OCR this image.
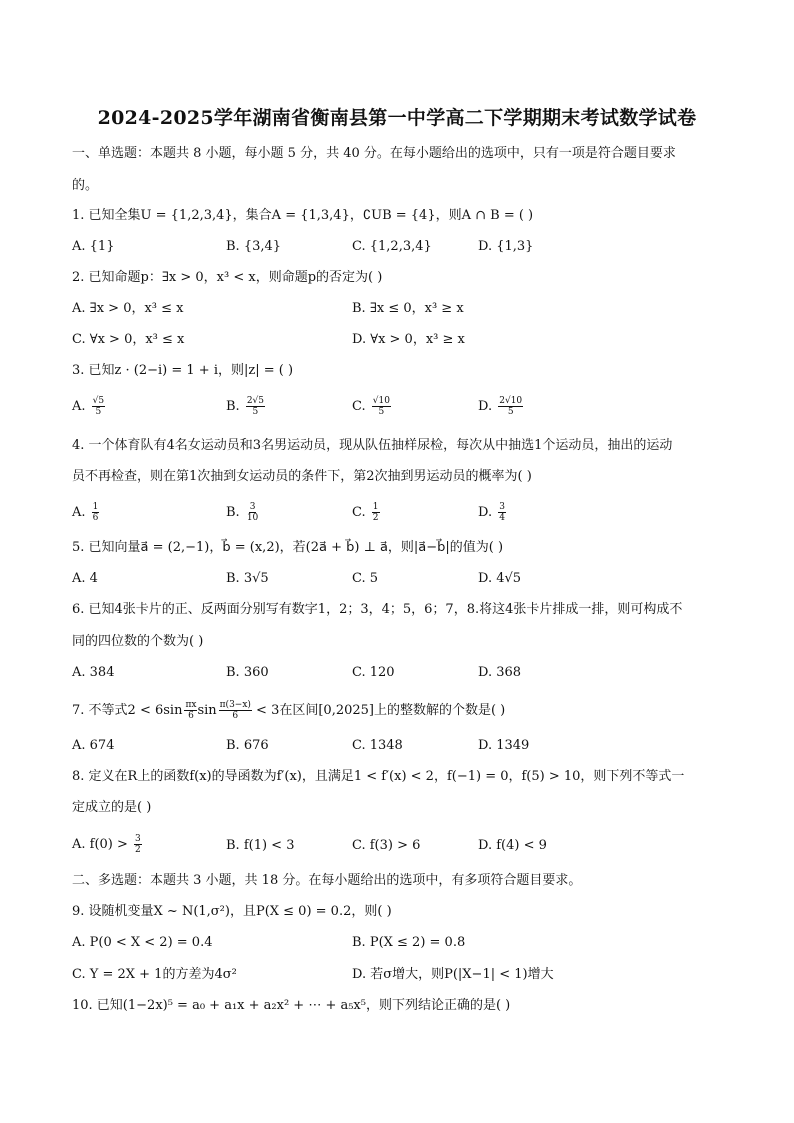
2024-2025学年湖南省衡南县第一中学高二下学期期末考试数学试卷
一、单选题：本题共 8 小题，每小题 5 分，共 40 分。在每小题给出的选项中，只有一项是符合题目要求
的。
1. 已知全集U = {1,2,3,4}，集合A = {1,3,4}，∁UB = {4}，则A ∩ B = ( )
A. {1}	B. {3,4}	C. {1,2,3,4}	D. {1,3}
2. 已知命题p：∃x > 0，x³ < x，则命题p的否定为( )
A. ∃x > 0，x³ ≤ x	B. ∃x ≤ 0，x³ ≥ x
C. ∀x > 0，x³ ≤ x	D. ∀x > 0，x³ ≥ x
3. 已知z · (2−i) = 1 + i，则|z| = ( )
A. $\frac{√5}{5}$	B. $\frac{2√5}{5}$	C. $\frac{√10}{5}$	D. $\frac{2√10}{5}$
4. 一个体育队有4名女运动员和3名男运动员，现从队伍抽样尿检，每次从中抽选1个运动员，抽出的运动
员不再检查，则在第1次抽到女运动员的条件下，第2次抽到男运动员的概率为( )
A. $\frac{1}{6}$	B. $\frac{3}{10}$	C. $\frac{1}{2}$	D. $\frac{3}{4}$
5. 已知向量a⃗ = (2,−1)，b⃗ = (x,2)，若(2a⃗ + b⃗) ⊥ a⃗，则|a⃗−b⃗|的值为( )
A. 4	B. 3√5	C. 5	D. 4√5
6. 已知4张卡片的正、反两面分别写有数字1，2；3，4；5，6；7，8.将这4张卡片排成一排，则可构成不
同的四位数的个数为( )
A. 384	B. 360	C. 120	D. 368
7. 不等式$2 < 6\sin \frac{\pi x}{6}$ $\sin \frac{\pi(3-x)}{6} < 3$在区间[0,2025]上的整数解的个数是( )
A. 674	B. 676	C. 1348	D. 1349
8. 定义在R上的函数f(x)的导函数为f′(x)，且满足1 < f′(x) < 2，f(−1) = 0，f(5) > 10，则下列不等式一
定成立的是( )
A. $f(0) > \frac{3}{2}$	B. f(1) < 3	C. f(3) > 6	D. f(4) < 9
二、多选题：本题共 3 小题，共 18 分。在每小题给出的选项中，有多项符合题目要求。
9. 设随机变量X ~ N(1,σ²)，且P(X ≤ 0) = 0.2，则( )
A. P(0 < X < 2) = 0.4	B. P(X ≤ 2) = 0.8
C. Y = 2X + 1的方差为4σ²	D. 若σ增大，则P(|X−1| < 1)增大
10. 已知(1−2x)⁵ = a₀ + a₁x + a₂x² + ⋯ + a₅x⁵，则下列结论正确的是( )
